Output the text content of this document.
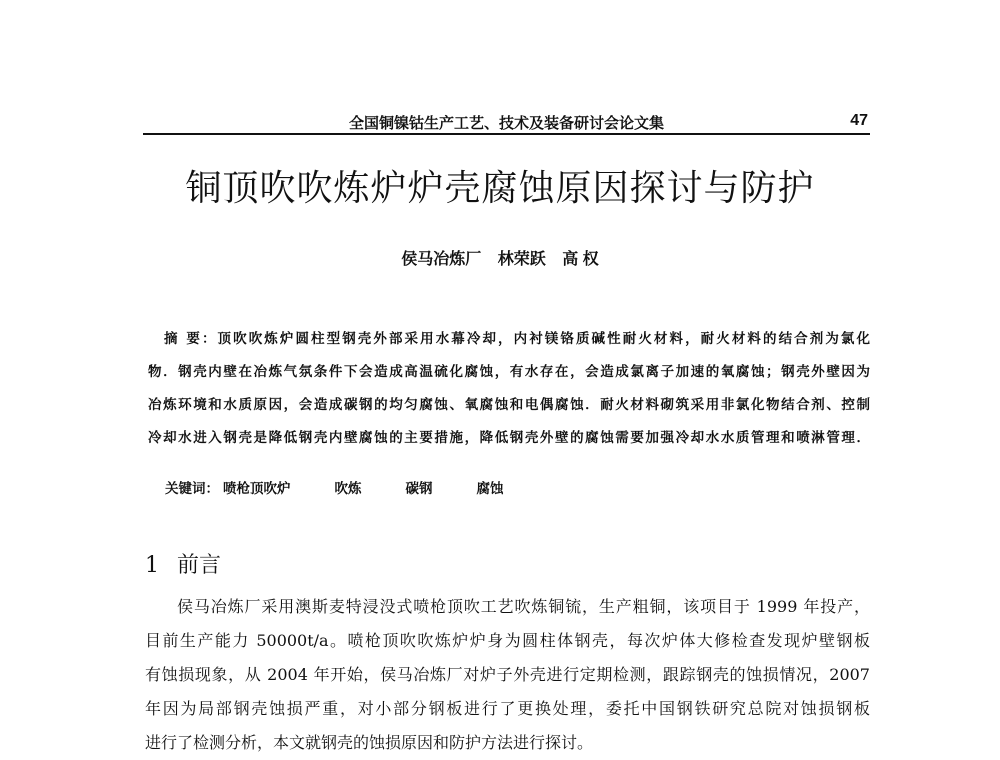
全国铜镍钴生产工艺、技术及装备研讨会论文集	47
铜顶吹吹炼炉炉壳腐蚀原因探讨与防护
侯马冶炼厂 林荣跃 高 权
摘 要：顶吹吹炼炉圆柱型钢壳外部采用水幕冷却，内衬镁铬质碱性耐火材料，耐火材料的结合剂为氯化
物．钢壳内壁在冶炼气氛条件下会造成高温硫化腐蚀，有水存在，会造成氯离子加速的氧腐蚀；钢壳外壁因为
冶炼环境和水质原因，会造成碳钢的均匀腐蚀、氧腐蚀和电偶腐蚀．耐火材料砌筑采用非氯化物结合剂、控制
冷却水进入钢壳是降低钢壳内壁腐蚀的主要措施，降低钢壳外壁的腐蚀需要加强冷却水水质管理和喷淋管理．
关键词： 喷枪顶吹炉	吹炼	碳钢	腐蚀
1 前言
侯马冶炼厂采用澳斯麦特浸没式喷枪顶吹工艺吹炼铜锍，生产粗铜，该项目于 1999 年投产，
目前生产能力 50000t/a。喷枪顶吹吹炼炉炉身为圆柱体钢壳，每次炉体大修检查发现炉壁钢板
有蚀损现象，从 2004 年开始，侯马冶炼厂对炉子外壳进行定期检测，跟踪钢壳的蚀损情况，2007
年因为局部钢壳蚀损严重，对小部分钢板进行了更换处理，委托中国钢铁研究总院对蚀损钢板
进行了检测分析，本文就钢壳的蚀损原因和防护方法进行探讨。
